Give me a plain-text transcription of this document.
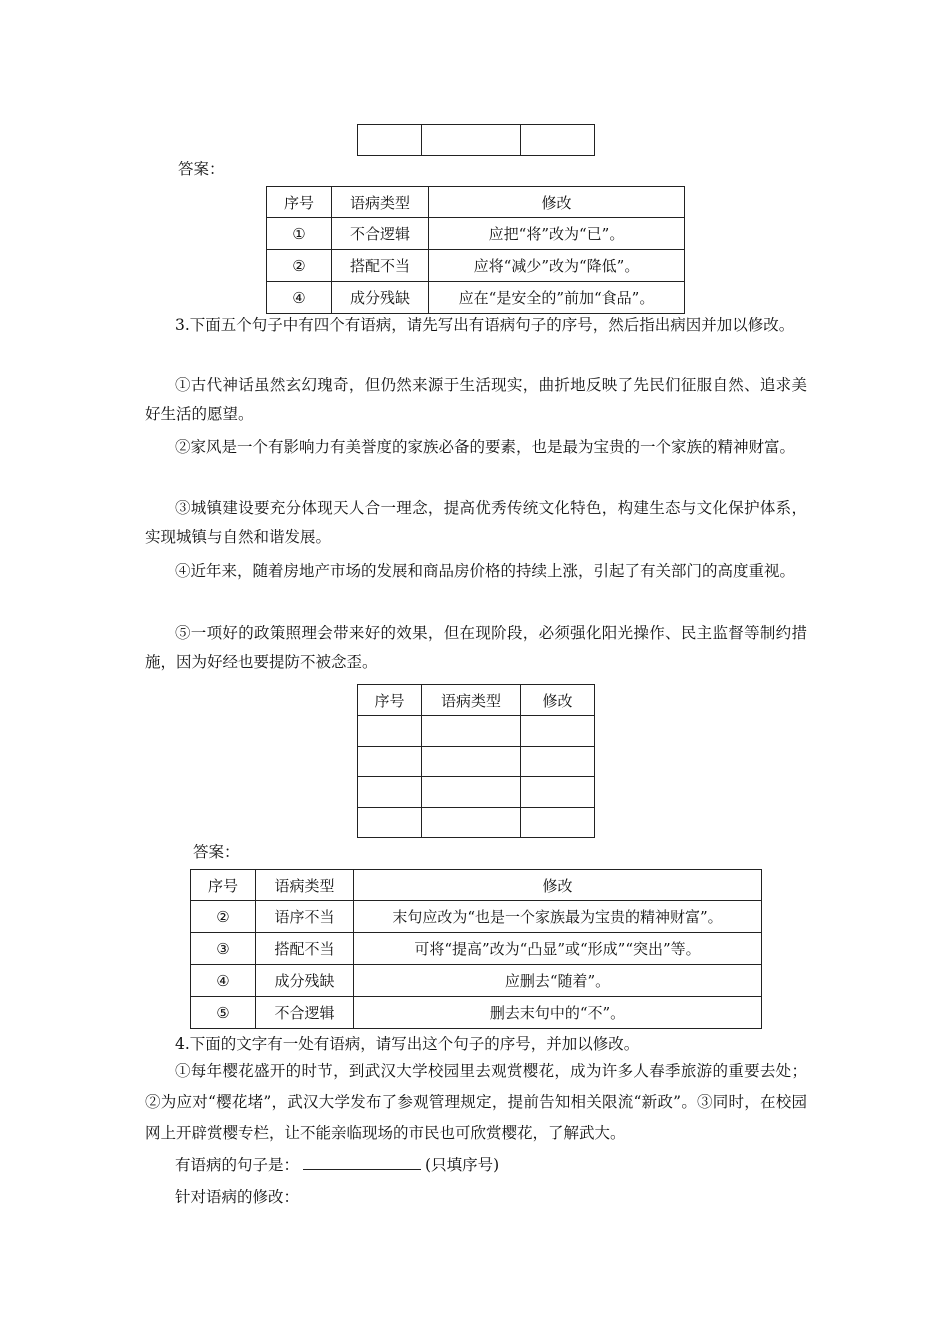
答案：
序号	语病类型	修改
①	不合逻辑	应把“将”改为“已”。
②	搭配不当	应将“减少”改为“降低”。
④	成分残缺	应在“是安全的”前加“食品”。

3.下面五个句子中有四个有语病，请先写出有语病句子的序号，然后指出病因并加以修改。

①古代神话虽然玄幻瑰奇，但仍然来源于生活现实，曲折地反映了先民们征服自然、追求美好生活的愿望。

②家风是一个有影响力有美誉度的家族必备的要素，也是最为宝贵的一个家族的精神财富。

③城镇建设要充分体现天人合一理念，提高优秀传统文化特色，构建生态与文化保护体系，实现城镇与自然和谐发展。

④近年来，随着房地产市场的发展和商品房价格的持续上涨，引起了有关部门的高度重视。

⑤一项好的政策照理会带来好的效果，但在现阶段，必须强化阳光操作、民主监督等制约措施，因为好经也要提防不被念歪。

序号	语病类型	修改

答案：
序号	语病类型	修改
②	语序不当	末句应改为“也是一个家族最为宝贵的精神财富”。
③	搭配不当	可将“提高”改为“凸显”或“形成”“突出”等。
④	成分残缺	应删去“随着”。
⑤	不合逻辑	删去末句中的“不”。
4.下面的文字有一处有语病，请写出这个句子的序号，并加以修改。

①每年樱花盛开的时节，到武汉大学校园里去观赏樱花，成为许多人春季旅游的重要去处；②为应对“樱花堵”，武汉大学发布了参观管理规定，提前告知相关限流“新政”。③同时，在校园网上开辟赏樱专栏，让不能亲临现场的市民也可欣赏樱花，了解武大。

有语病的句子是：	(只填序号)
针对语病的修改：
